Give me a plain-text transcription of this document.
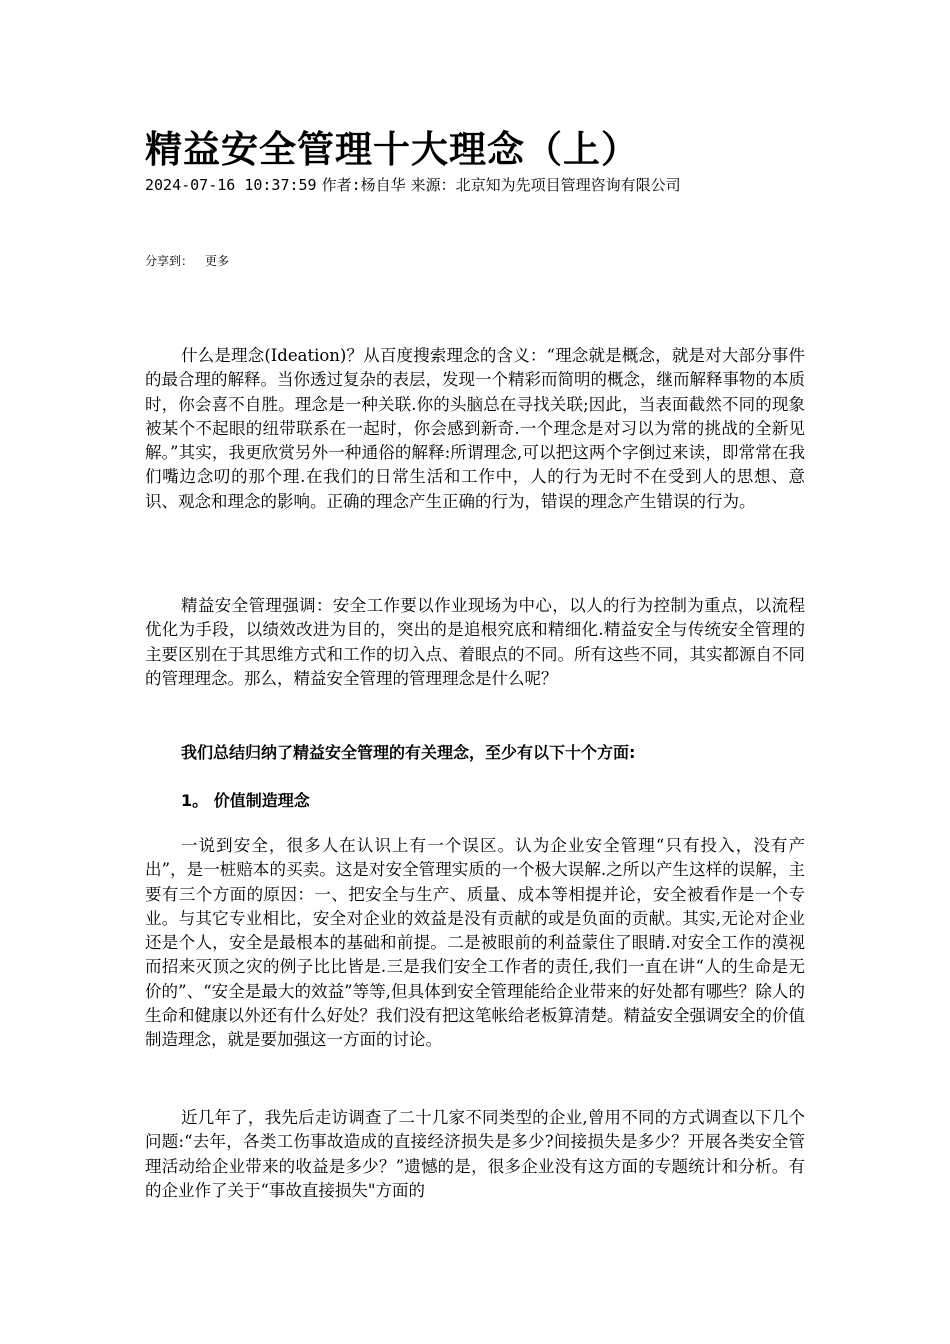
精益安全管理十大理念（上）
2024-07-16 10:37:59 作者:杨自华 来源：北京知为先项目管理咨询有限公司
分享到： 更多

什么是理念(Ideation)？从百度搜索理念的含义：“理念就是概念，就是对大部分事件的最合理的解释。当你透过复杂的表层，发现一个精彩而简明的概念，继而解释事物的本质时，你会喜不自胜。理念是一种关联.你的头脑总在寻找关联;因此，当表面截然不同的现象被某个不起眼的纽带联系在一起时，你会感到新奇.一个理念是对习以为常的挑战的全新见解。”其实，我更欣赏另外一种通俗的解释:所谓理念,可以把这两个字倒过来读，即常常在我们嘴边念叨的那个理.在我们的日常生活和工作中，人的行为无时不在受到人的思想、意识、观念和理念的影响。正确的理念产生正确的行为，错误的理念产生错误的行为。

精益安全管理强调：安全工作要以作业现场为中心，以人的行为控制为重点，以流程优化为手段，以绩效改进为目的，突出的是追根究底和精细化.精益安全与传统安全管理的主要区别在于其思维方式和工作的切入点、着眼点的不同。所有这些不同，其实都源自不同的管理理念。那么，精益安全管理的管理理念是什么呢？

我们总结归纳了精益安全管理的有关理念，至少有以下十个方面:

1。 价值制造理念

一说到安全，很多人在认识上有一个误区。认为企业安全管理“只有投入，没有产出”，是一桩赔本的买卖。这是对安全管理实质的一个极大误解.之所以产生这样的误解，主要有三个方面的原因：一、把安全与生产、质量、成本等相提并论，安全被看作是一个专业。与其它专业相比，安全对企业的效益是没有贡献的或是负面的贡献。其实,无论对企业还是个人，安全是最根本的基础和前提。二是被眼前的利益蒙住了眼睛.对安全工作的漠视而招来灭顶之灾的例子比比皆是.三是我们安全工作者的责任,我们一直在讲“人的生命是无价的”、“安全是最大的效益”等等,但具体到安全管理能给企业带来的好处都有哪些？除人的生命和健康以外还有什么好处？我们没有把这笔帐给老板算清楚。精益安全强调安全的价值制造理念，就是要加强这一方面的讨论。

近几年了，我先后走访调查了二十几家不同类型的企业,曾用不同的方式调查以下几个问题:“去年，各类工伤事故造成的直接经济损失是多少?间接损失是多少？开展各类安全管理活动给企业带来的收益是多少？”遗憾的是，很多企业没有这方面的专题统计和分析。有的企业作了关于“事故直接损失"方面的
